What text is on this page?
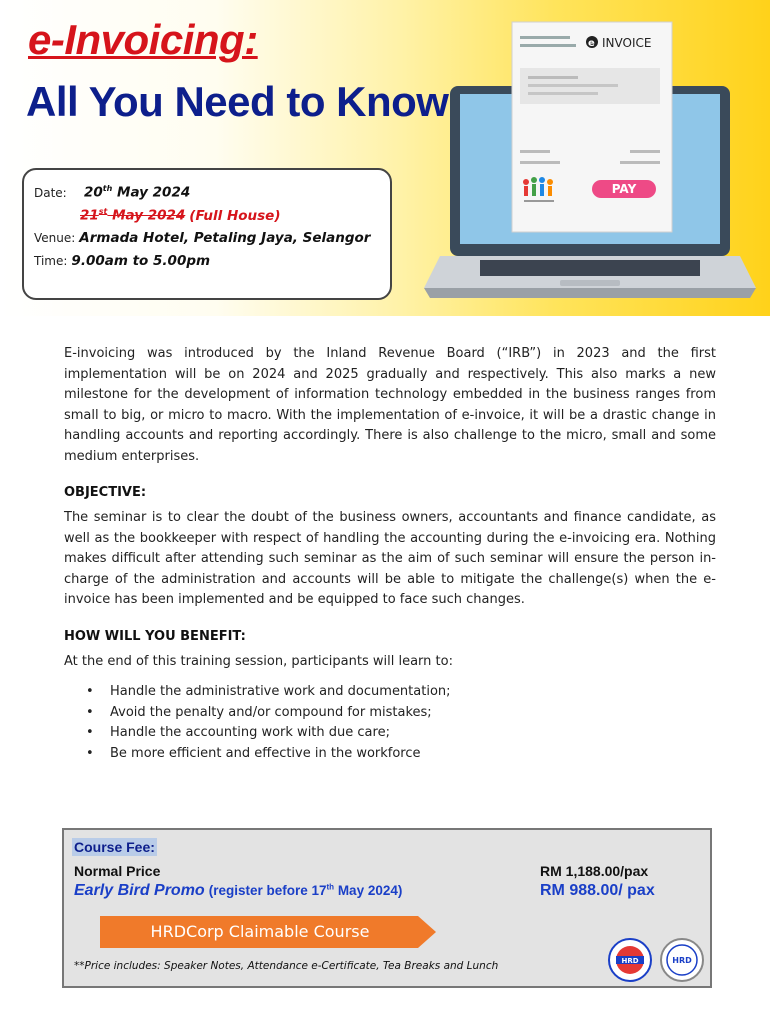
e-Invoicing:
All You Need to Know
Date:	20th May 2024
21st May 2024 (Full House)
Venue: Armada Hotel, Petaling Jaya, Selangor
Time: 9.00am to 5.00pm
e INVOICE
PAY

E-invoicing was introduced by the Inland Revenue Board (“IRB”) in 2023 and the first implementation will be on 2024 and 2025 gradually and respectively. This also marks a new milestone for the development of information technology embedded in the business ranges from small to big, or micro to macro. With the implementation of e-invoice, it will be a drastic change in handling accounts and reporting accordingly. There is also challenge to the micro, small and some medium enterprises.

OBJECTIVE:

The seminar is to clear the doubt of the business owners, accountants and finance candidate, as well as the bookkeeper with respect of handling the accounting during the e-invoicing era. Nothing makes difficult after attending such seminar as the aim of such seminar will ensure the person in-charge of the administration and accounts will be able to mitigate the challenge(s) when the e-invoice has been implemented and be equipped to face such changes.

HOW WILL YOU BENEFIT:

At the end of this training session, participants will learn to:

•	Handle the administrative work and documentation;
•	Avoid the penalty and/or compound for mistakes;
•	Handle the accounting work with due care;
•	Be more efficient and effective in the workforce
Course Fee:
Normal Price	RM 1,188.00/pax
Early Bird Promo (register before 17th May 2024)	RM 988.00/ pax
HRDCorp Claimable Course
**Price includes: Speaker Notes, Attendance e-Certificate, Tea Breaks and Lunch	HRD	HRD
